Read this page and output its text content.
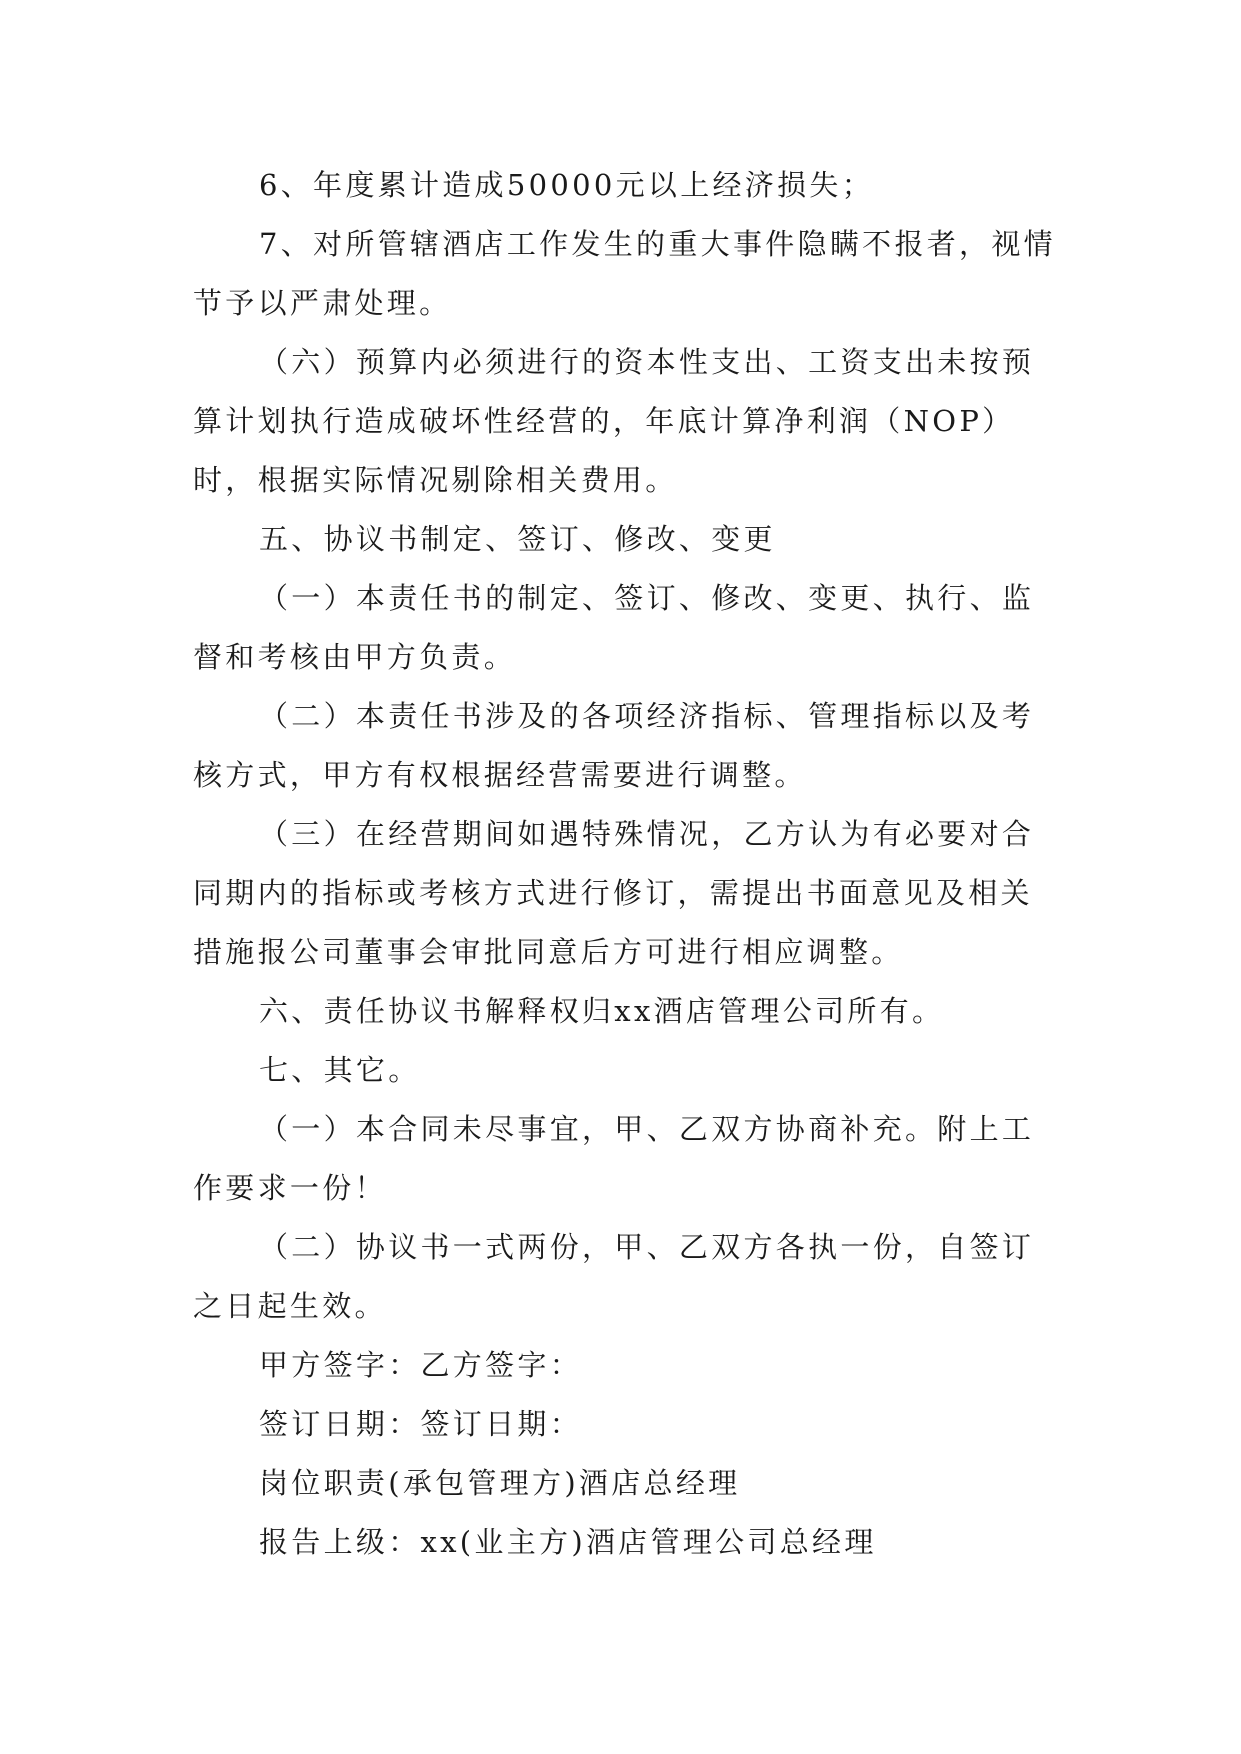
6、年度累计造成50000元以上经济损失；

7、对所管辖酒店工作发生的重大事件隐瞒不报者，视情节予以严肃处理。

（六）预算内必须进行的资本性支出、工资支出未按预算计划执行造成破坏性经营的，年底计算净利润（NOP）时，根据实际情况剔除相关费用。

五、协议书制定、签订、修改、变更

（一）本责任书的制定、签订、修改、变更、执行、监督和考核由甲方负责。

（二）本责任书涉及的各项经济指标、管理指标以及考核方式，甲方有权根据经营需要进行调整。

（三）在经营期间如遇特殊情况，乙方认为有必要对合同期内的指标或考核方式进行修订，需提出书面意见及相关措施报公司董事会审批同意后方可进行相应调整。

六、责任协议书解释权归xx酒店管理公司所有。

七、其它。

（一）本合同未尽事宜，甲、乙双方协商补充。附上工作要求一份！

（二）协议书一式两份，甲、乙双方各执一份，自签订之日起生效。

甲方签字：乙方签字：

签订日期：签订日期：

岗位职责(承包管理方)酒店总经理

报告上级：xx(业主方)酒店管理公司总经理
